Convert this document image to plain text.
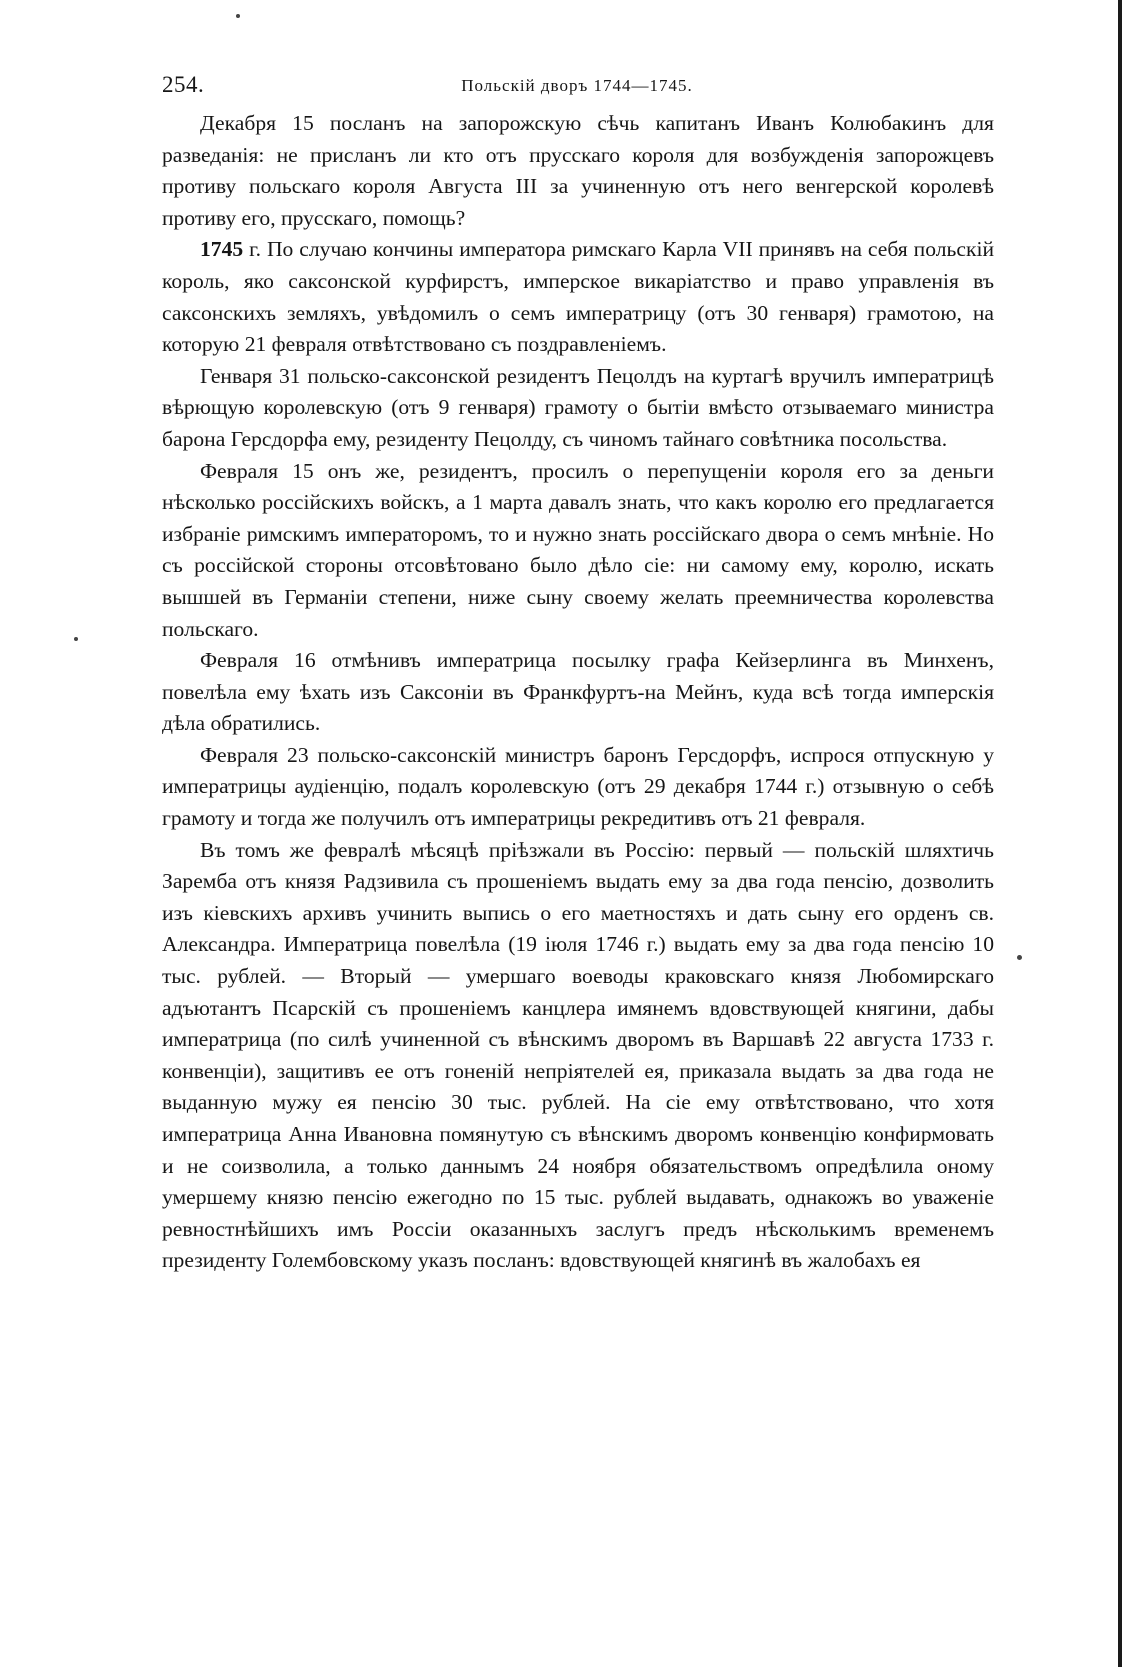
254.	Польскій дворъ 1744—1745.

Декабря 15 посланъ на запорожскую сѣчь капитанъ Иванъ Колюбакинъ для разведанія: не присланъ ли кто отъ прусскаго короля для возбужденія запорожцевъ противу польскаго короля Августа III за учиненную отъ него венгерской королевѣ противу его, прусскаго, помощь?

1745 г. По случаю кончины императора римскаго Карла VII принявъ на себя польскій король, яко саксонской курфирстъ, имперское викаріатство и право управленія въ саксонскихъ земляхъ, увѣдомилъ о семъ императрицу (отъ 30 генваря) грамотою, на которую 21 февраля отвѣтствовано съ поздравленіемъ.

Генваря 31 польско-саксонской резидентъ Пецолдъ на куртагѣ вручилъ императрицѣ вѣрющую королевскую (отъ 9 генваря) грамоту о бытіи вмѣсто отзываемаго министра барона Герсдорфа ему, резиденту Пецолду, съ чиномъ тайнаго совѣтника посольства.

Февраля 15 онъ же, резидентъ, просилъ о перепущеніи короля его за деньги нѣсколько россійскихъ войскъ, а 1 марта давалъ знать, что какъ королю его предлагается избраніе римскимъ императоромъ, то и нужно знать россійскаго двора о семъ мнѣніе. Но съ россійской стороны отсовѣтовано было дѣло сіе: ни самому ему, королю, искать вышшей въ Германіи степени, ниже сыну своему желать преемничества королевства польскаго.

Февраля 16 отмѣнивъ императрица посылку графа Кейзерлинга въ Минхенъ, повелѣла ему ѣхать изъ Саксоніи въ Франкфуртъ-на Мейнъ, куда всѣ тогда имперскія дѣла обратились.

Февраля 23 польско-саксонскій министръ баронъ Герсдорфъ, испрося отпускную у императрицы аудіенцію, подалъ королевскую (отъ 29 декабря 1744 г.) отзывную о себѣ грамоту и тогда же получилъ отъ императрицы рекредитивъ отъ 21 февраля.

Въ томъ же февралѣ мѣсяцѣ пріѣзжали въ Россію: первый — польскій шляхтичь Заремба отъ князя Радзивила съ прошеніемъ выдать ему за два года пенсію, дозволить изъ кіевскихъ архивъ учинить выпись о его маетностяхъ и дать сыну его орденъ св. Александра. Императрица повелѣла (19 іюля 1746 г.) выдать ему за два года пенсію 10 тыс. рублей. — Вторый — умершаго воеводы краковскаго князя Любомирскаго адъютантъ Псарскій съ прошеніемъ канцлера имянемъ вдовствующей княгини, дабы императрица (по силѣ учиненной съ вѣнскимъ дворомъ въ Варшавѣ 22 августа 1733 г. конвенціи), защитивъ ее отъ гоненій непріятелей ея, приказала выдать за два года не выданную мужу ея пенсію 30 тыс. рублей. На сіе ему отвѣтствовано, что хотя императрица Анна Ивановна помянутую съ вѣнскимъ дворомъ конвенцію конфирмовать и не соизволила, а только даннымъ 24 ноября обязательствомъ опредѣлила оному умершему князю пенсію ежегодно по 15 тыс. рублей выдавать, однакожъ во уваженіе ревностнѣйшихъ имъ Россіи оказанныхъ заслугъ предъ нѣсколькимъ временемъ президенту Голембовскому указъ посланъ: вдовствующей княгинѣ въ жалобахъ ея
